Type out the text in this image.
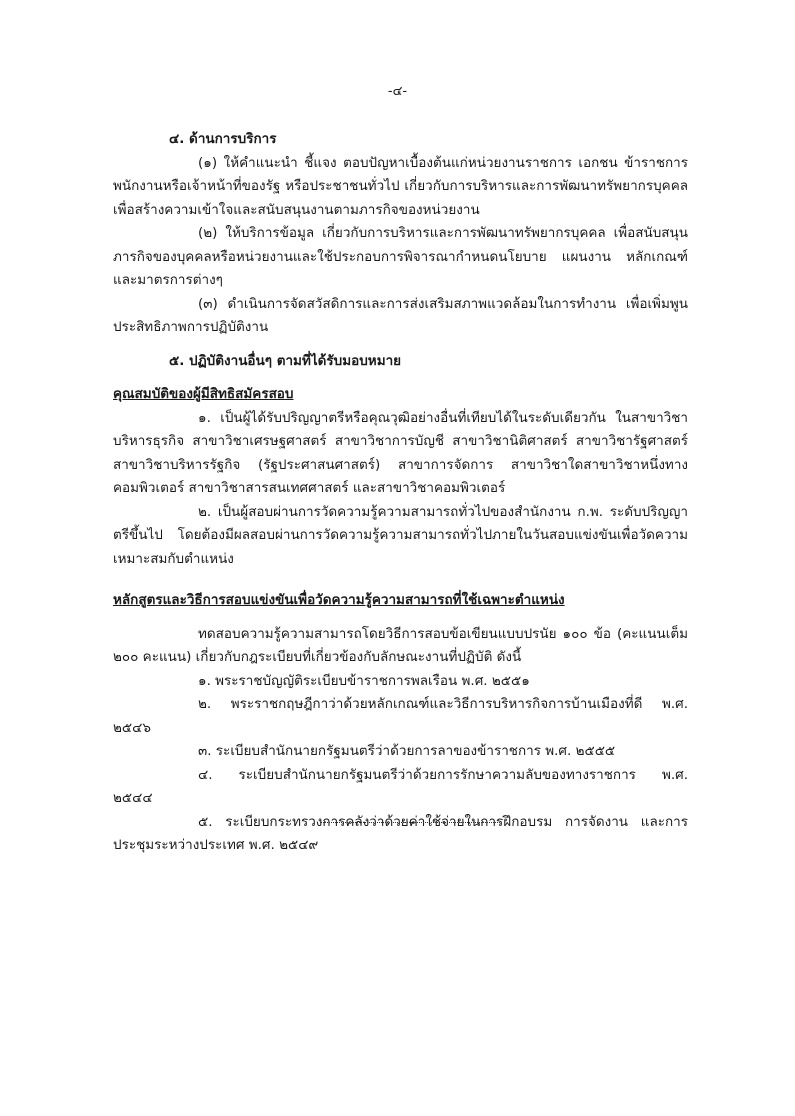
-๔-
๔. ด้านการบริการ
(๑) ให้คำแนะนำ ชี้แจง ตอบปัญหาเบื้องต้นแก่หน่วยงานราชการ เอกชน ข้าราชการ พนักงานหรือเจ้าหน้าที่ของรัฐ หรือประชาชนทั่วไป เกี่ยวกับการบริหารและการพัฒนาทรัพยากรบุคคล เพื่อสร้างความเข้าใจและสนับสนุนงานตามภารกิจของหน่วยงาน
(๒) ให้บริการข้อมูล เกี่ยวกับการบริหารและการพัฒนาทรัพยากรบุคคล เพื่อสนับสนุนภารกิจของบุคคลหรือหน่วยงานและใช้ประกอบการพิจารณากำหนดนโยบาย แผนงาน หลักเกณฑ์และมาตรการต่างๆ
(๓) ดำเนินการจัดสวัสดิการและการส่งเสริมสภาพแวดล้อมในการทำงาน เพื่อเพิ่มพูนประสิทธิภาพการปฏิบัติงาน
๕. ปฏิบัติงานอื่นๆ ตามที่ได้รับมอบหมาย
คุณสมบัติของผู้มีสิทธิสมัครสอบ
๑. เป็นผู้ได้รับปริญญาตรีหรือคุณวุฒิอย่างอื่นที่เทียบได้ในระดับเดียวกัน ในสาขาวิชาบริหารธุรกิจ สาขาวิชาเศรษฐศาสตร์ สาขาวิชาการบัญชี สาขาวิชานิติศาสตร์ สาขาวิชารัฐศาสตร์ สาขาวิชาบริหารรัฐกิจ (รัฐประศาสนศาสตร์) สาขาการจัดการ สาขาวิชาใดสาขาวิชาหนึ่งทางคอมพิวเตอร์ สาขาวิชาสารสนเทศศาสตร์ และสาขาวิชาคอมพิวเตอร์
๒. เป็นผู้สอบผ่านการวัดความรู้ความสามารถทั่วไปของสำนักงาน ก.พ. ระดับปริญญาตรีขึ้นไป โดยต้องมีผลสอบผ่านการวัดความรู้ความสามารถทั่วไปภายในวันสอบแข่งขันเพื่อวัดความเหมาะสมกับตำแหน่ง
หลักสูตรและวิธีการสอบแข่งขันเพื่อวัดความรู้ความสามารถที่ใช้เฉพาะตำแหน่ง
ทดสอบความรู้ความสามารถโดยวิธีการสอบข้อเขียนแบบปรนัย ๑๐๐ ข้อ (คะแนนเต็ม ๒๐๐ คะแนน) เกี่ยวกับกฎระเบียบที่เกี่ยวข้องกับลักษณะงานที่ปฏิบัติ ดังนี้
๑. พระราชบัญญัติระเบียบข้าราชการพลเรือน พ.ศ. ๒๕๕๑
๒. พระราชกฤษฎีกาว่าด้วยหลักเกณฑ์และวิธีการบริหารกิจการบ้านเมืองที่ดี พ.ศ. ๒๕๔๖
๓. ระเบียบสำนักนายกรัฐมนตรีว่าด้วยการลาของข้าราชการ พ.ศ. ๒๕๕๕
๔. ระเบียบสำนักนายกรัฐมนตรีว่าด้วยการรักษาความลับของทางราชการ พ.ศ. ๒๕๔๔
๕. ระเบียบกระทรวงการคลังว่าด้วยค่าใช้จ่ายในการฝึกอบรม การจัดงาน และการประชุมระหว่างประเทศ พ.ศ. ๒๕๔๙
